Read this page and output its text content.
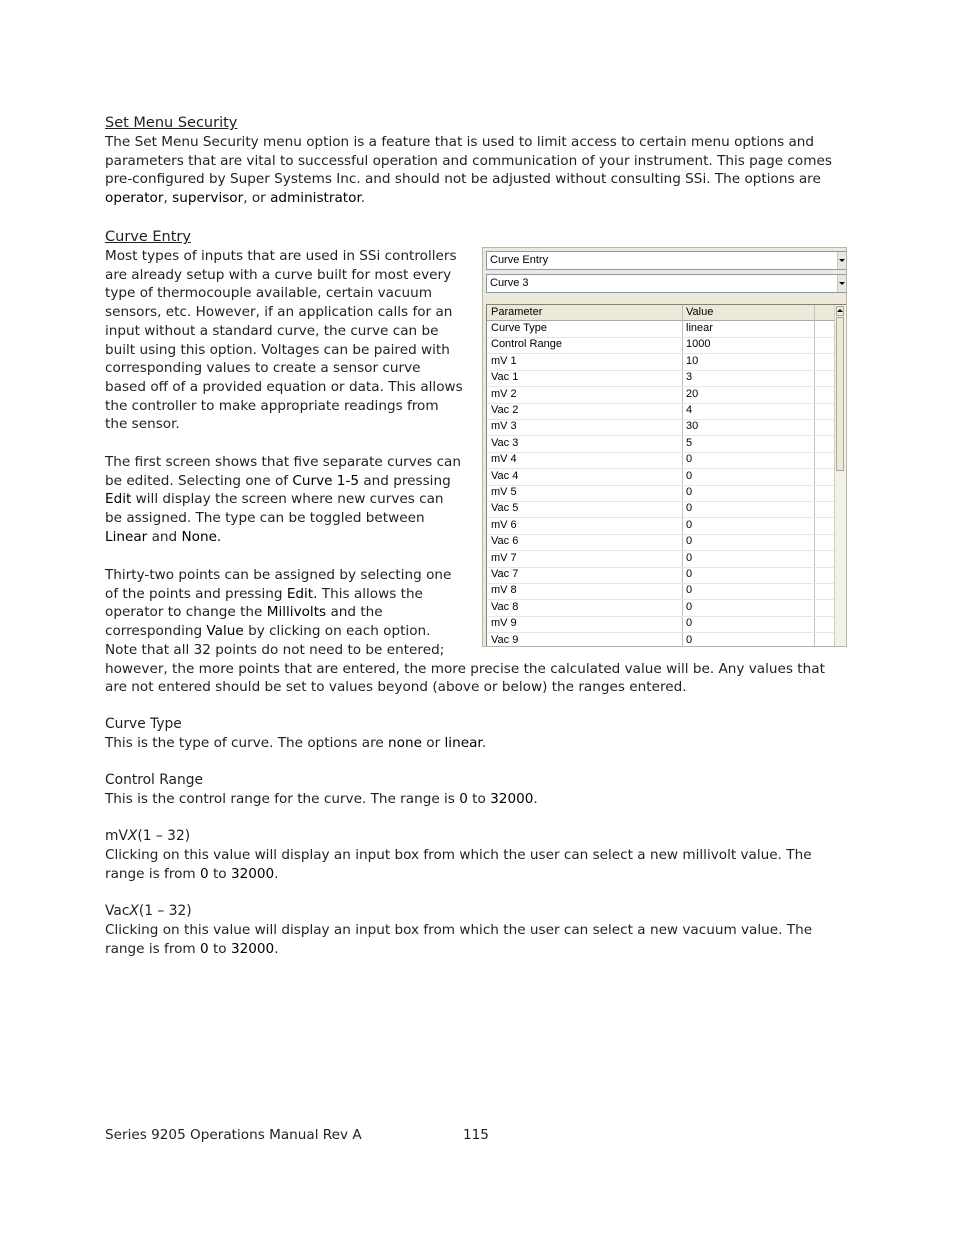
Set Menu Security
The Set Menu Security menu option is a feature that is used to limit access to certain menu options and
parameters that are vital to successful operation and communication of your instrument. This page comes
pre-configured by Super Systems Inc. and should not be adjusted without consulting SSi. The options are
operator, supervisor, or administrator.
Curve Entry
Most types of inputs that are used in SSi controllers
are already setup with a curve built for most every
type of thermocouple available, certain vacuum
sensors, etc. However, if an application calls for an
input without a standard curve, the curve can be
built using this option. Voltages can be paired with
corresponding values to create a sensor curve
based off of a provided equation or data. This allows
the controller to make appropriate readings from
the sensor.
The first screen shows that five separate curves can
be edited. Selecting one of Curve 1-5 and pressing
Edit will display the screen where new curves can
be assigned. The type can be toggled between
Linear and None.
Thirty-two points can be assigned by selecting one
of the points and pressing Edit. This allows the
operator to change the Millivolts and the
corresponding Value by clicking on each option.
Note that all 32 points do not need to be entered;
however, the more points that are entered, the more precise the calculated value will be. Any values that
are not entered should be set to values beyond (above or below) the ranges entered.
Curve Entry
Curve 3
Parameter	Value
Curve Type	linear
Control Range	1000
mV 1	10
Vac 1	3
mV 2	20
Vac 2	4
mV 3	30
Vac 3	5
mV 4	0
Vac 4	0
mV 5	0
Vac 5	0
mV 6	0
Vac 6	0
mV 7	0
Vac 7	0
mV 8	0
Vac 8	0
mV 9	0
Vac 9	0
Curve Type
This is the type of curve. The options are none or linear.
Control Range
This is the control range for the curve. The range is 0 to 32000.
mVX(1 – 32)
Clicking on this value will display an input box from which the user can select a new millivolt value. The
range is from 0 to 32000.
VacX(1 – 32)
Clicking on this value will display an input box from which the user can select a new vacuum value. The
range is from 0 to 32000.
Series 9205 Operations Manual Rev A	115
